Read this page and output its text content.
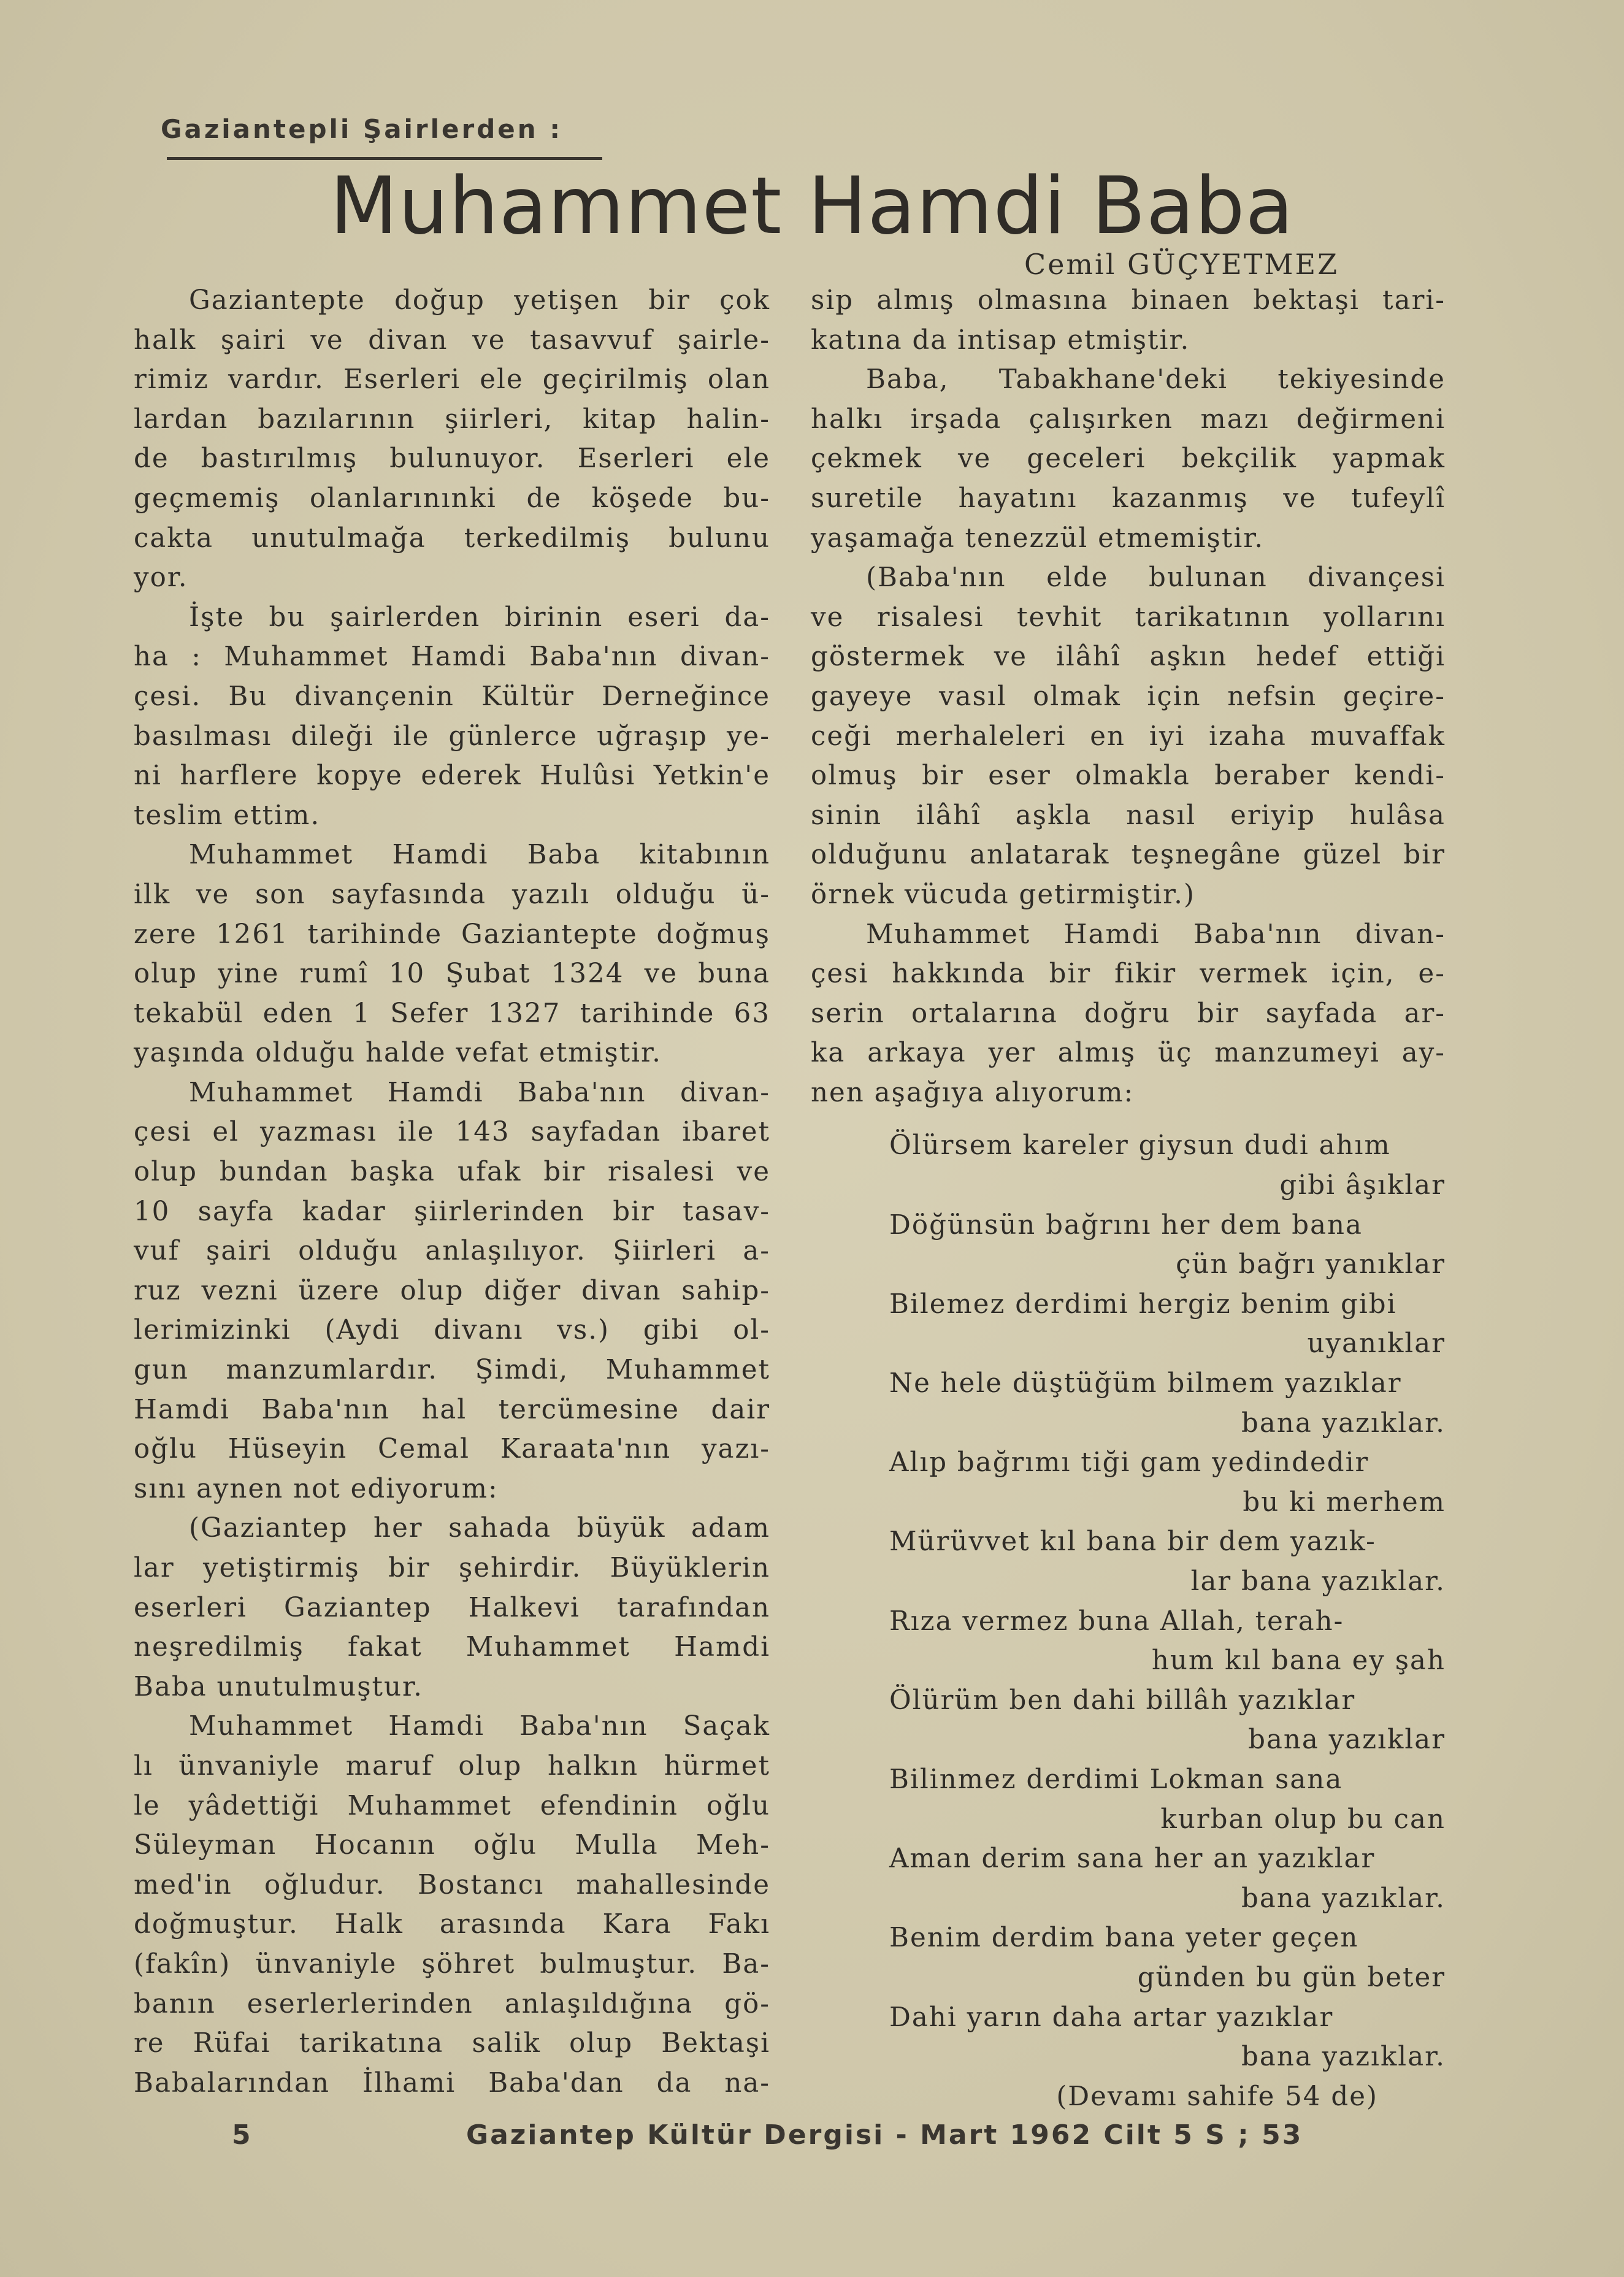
Gaziantepli Şairlerden :
Muhammet Hamdi Baba
Cemil GÜÇYETMEZ

Gaziantepte doğup yetişen bir çok

halk şairi ve divan ve tasavvuf şairle-

rimiz vardır. Eserleri ele geçirilmiş olan

lardan bazılarının şiirleri, kitap halin-

de bastırılmış bulunuyor. Eserleri ele

geçmemiş olanlarınınki de köşede bu-

cakta unutulmağa terkedilmiş bulunu

yor.

İşte bu şairlerden birinin eseri da-

ha : Muhammet Hamdi Baba'nın divan-

çesi. Bu divançenin Kültür Derneğince

basılması dileği ile günlerce uğraşıp ye-

ni harflere kopye ederek Hulûsi Yetkin'e

teslim ettim.

Muhammet Hamdi Baba kitabının

ilk ve son sayfasında yazılı olduğu ü-

zere 1261 tarihinde Gaziantepte doğmuş

olup yine rumî 10 Şubat 1324 ve buna

tekabül eden 1 Sefer 1327 tarihinde 63

yaşında olduğu halde vefat etmiştir.

Muhammet Hamdi Baba'nın divan-

çesi el yazması ile 143 sayfadan ibaret

olup bundan başka ufak bir risalesi ve

10 sayfa kadar şiirlerinden bir tasav-

vuf şairi olduğu anlaşılıyor. Şiirleri a-

ruz vezni üzere olup diğer divan sahip-

lerimizinki (Aydi divanı vs.) gibi ol-

gun manzumlardır. Şimdi, Muhammet

Hamdi Baba'nın hal tercümesine dair

oğlu Hüseyin Cemal Karaata'nın yazı-

sını aynen not ediyorum:

(Gaziantep her sahada büyük adam

lar yetiştirmiş bir şehirdir. Büyüklerin

eserleri Gaziantep Halkevi tarafından

neşredilmiş fakat Muhammet Hamdi

Baba unutulmuştur.

Muhammet Hamdi Baba'nın Saçak

lı ünvaniyle maruf olup halkın hürmet

le yâdettiği Muhammet efendinin oğlu

Süleyman Hocanın oğlu Mulla Meh-

med'in oğludur. Bostancı mahallesinde

doğmuştur. Halk arasında Kara Fakı

(fakîn) ünvaniyle şöhret bulmuştur. Ba-

banın eserlerlerinden anlaşıldığına gö-

re Rüfai tarikatına salik olup Bektaşi

Babalarından İlhami Baba'dan da na-

sip almış olmasına binaen bektaşi tari-

katına da intisap etmiştir.

Baba, Tabakhane'deki tekiyesinde

halkı irşada çalışırken mazı değirmeni

çekmek ve geceleri bekçilik yapmak

suretile hayatını kazanmış ve tufeylî

yaşamağa tenezzül etmemiştir.

(Baba'nın elde bulunan divançesi

ve risalesi tevhit tarikatının yollarını

göstermek ve ilâhî aşkın hedef ettiği

gayeye vasıl olmak için nefsin geçire-

ceği merhaleleri en iyi izaha muvaffak

olmuş bir eser olmakla beraber kendi-

sinin ilâhî aşkla nasıl eriyip hulâsa

olduğunu anlatarak teşnegâne güzel bir

örnek vücuda getirmiştir.)

Muhammet Hamdi Baba'nın divan-

çesi hakkında bir fikir vermek için, e-

serin ortalarına doğru bir sayfada ar-

ka arkaya yer almış üç manzumeyi ay-

nen aşağıya alıyorum:

Ölürsem kareler giysun dudi ahım

gibi âşıklar

Döğünsün bağrını her dem bana

çün bağrı yanıklar

Bilemez derdimi hergiz benim gibi

uyanıklar

Ne hele düştüğüm bilmem yazıklar

bana yazıklar.

Alıp bağrımı tiği gam yedindedir

bu ki merhem

Mürüvvet kıl bana bir dem yazık-

lar bana yazıklar.

Rıza vermez buna Allah, terah-

hum kıl bana ey şah

Ölürüm ben dahi billâh yazıklar

bana yazıklar

Bilinmez derdimi Lokman sana

kurban olup bu can

Aman derim sana her an yazıklar

bana yazıklar.

Benim derdim bana yeter geçen

günden bu gün beter

Dahi yarın daha artar yazıklar

bana yazıklar.

(Devamı sahife 54 de)

5	Gaziantep Kültür Dergisi - Mart 1962 Cilt 5 S ; 53
